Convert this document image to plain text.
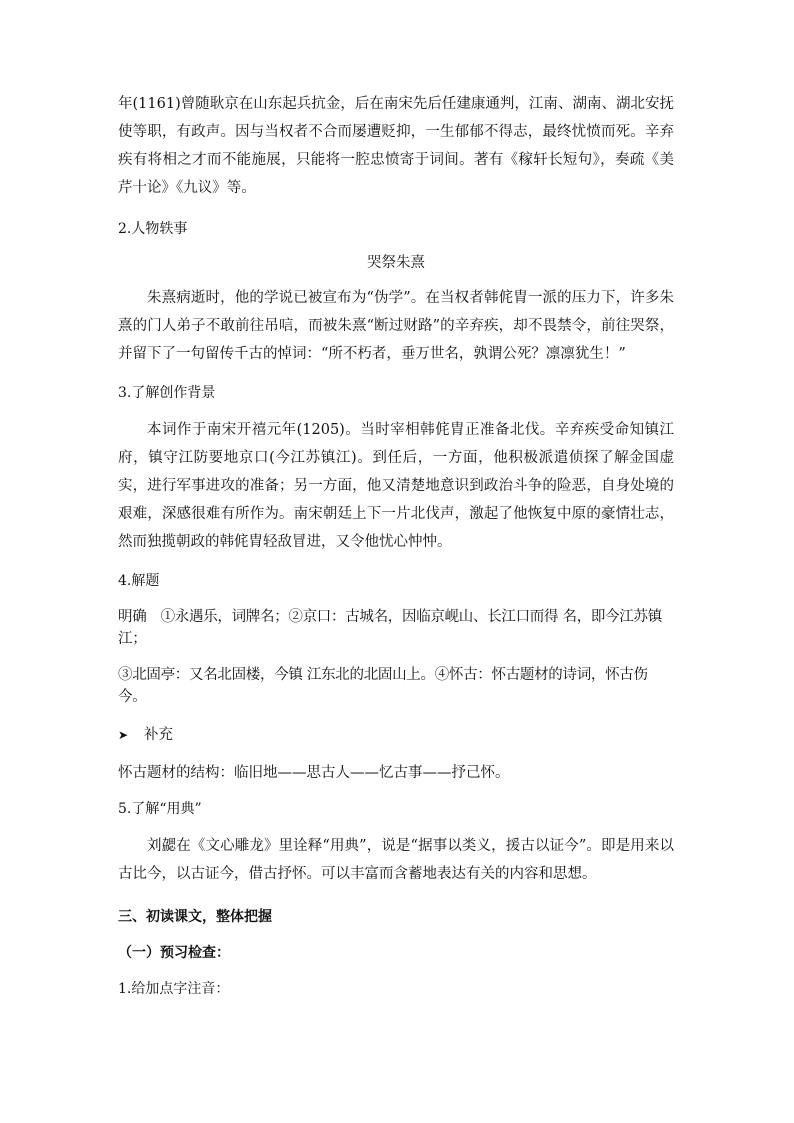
年(1161)曾随耿京在山东起兵抗金，后在南宋先后任建康通判，江南、湖南、湖北安抚使等职，有政声。因与当权者不合而屡遭贬抑，一生郁郁不得志，最终忧愤而死。辛弃疾有将相之才而不能施展，只能将一腔忠愤寄于词间。著有《稼轩长短句》，奏疏《美芹十论》《九议》等。

2.人物轶事
哭祭朱熹

朱熹病逝时，他的学说已被宣布为“伪学”。在当权者韩侂胄一派的压力下，许多朱熹的门人弟子不敢前往吊唁，而被朱熹“断过财路”的辛弃疾，却不畏禁令，前往哭祭，并留下了一句留传千古的悼词：“所不朽者，垂万世名，孰谓公死？凛凛犹生！”

3.了解创作背景

本词作于南宋开禧元年(1205)。当时宰相韩侂胄正准备北伐。辛弃疾受命知镇江府，镇守江防要地京口(今江苏镇江)。到任后，一方面，他积极派遣侦探了解金国虚实，进行军事进攻的准备；另一方面，他又清楚地意识到政治斗争的险恶，自身处境的艰难，深感很难有所作为。南宋朝廷上下一片北伐声，激起了他恢复中原的豪情壮志，然而独揽朝政的韩侂胄轻敌冒进，又令他忧心忡忡。

4.解题
明确　①永遇乐，词牌名；②京口：古城名，因临京岘山、长江口而得 名，即今江苏镇江；
③北固亭：又名北固楼，今镇 江东北的北固山上。④怀古：怀古题材的诗词，怀古伤今。
➤ 补充
怀古题材的结构：临旧地——思古人——忆古事——抒己怀。
5.了解“用典”

刘勰在《文心雕龙》里诠释“用典”，说是“据事以类义，援古以证今”。即是用来以古比今，以古证今，借古抒怀。可以丰富而含蓄地表达有关的内容和思想。

三、初读课文，整体把握
（一）预习检查：
1.给加点字注音：
